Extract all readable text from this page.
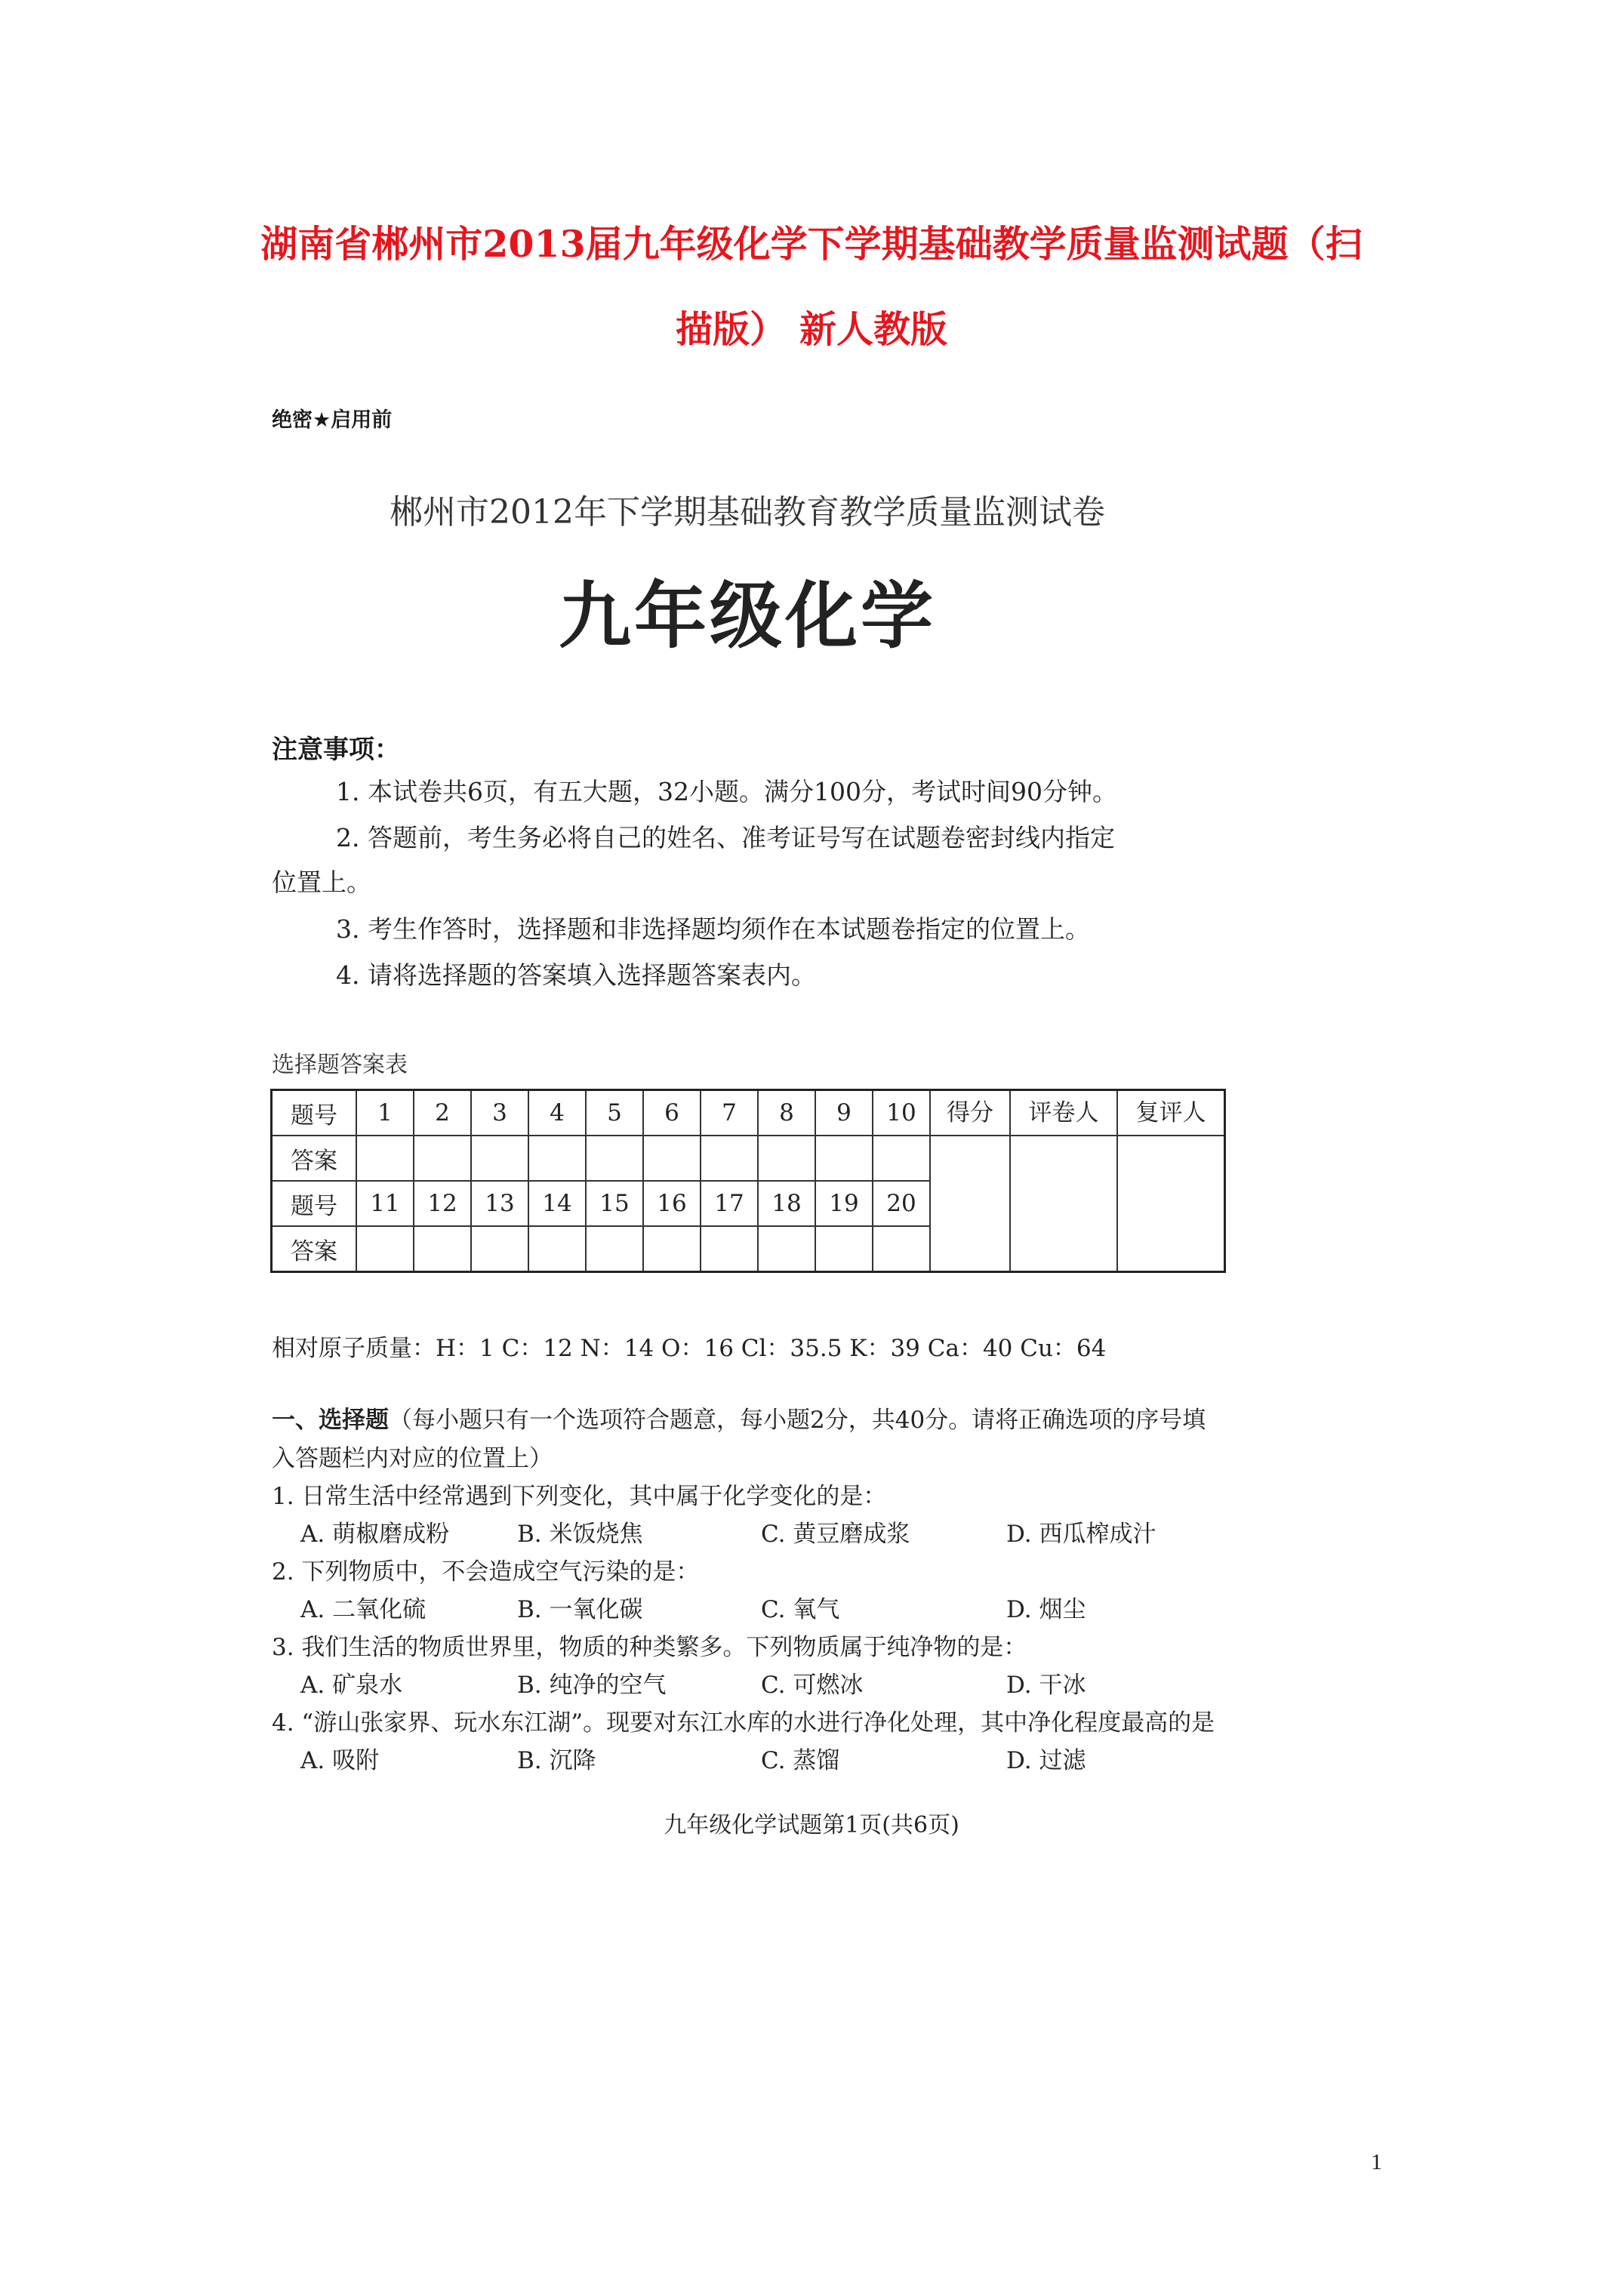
湖南省郴州市2013届九年级化学下学期基础教学质量监测试题（扫
描版） 新人教版
绝密★启用前
郴州市2012年下学期基础教育教学质量监测试卷
九年级化学
注意事项：
1. 本试卷共6页，有五大题，32小题。满分100分，考试时间90分钟。
2. 答题前，考生务必将自己的姓名、准考证号写在试题卷密封线内指定
位置上。
3. 考生作答时，选择题和非选择题均须作在本试题卷指定的位置上。
4. 请将选择题的答案填入选择题答案表内。
选择题答案表
题号	1	2	3	4	5	6	7	8	9	10	得分	评卷人	复评人

答案													
题号	11	12	13	14	15	16	17	18	19	20			
答案													
相对原子质量：H：1 C：12 N：14 O：16 Cl：35.5 K：39 Ca：40 Cu：64
一、选择题（每小题只有一个选项符合题意，每小题2分，共40分。请将正确选项的序号填
入答题栏内对应的位置上）
1. 日常生活中经常遇到下列变化，其中属于化学变化的是：
A. 萌椒磨成粉	B. 米饭烧焦	C. 黄豆磨成浆	D. 西瓜榨成汁
2. 下列物质中，不会造成空气污染的是：
A. 二氧化硫	B. 一氧化碳	C. 氧气	D. 烟尘
3. 我们生活的物质世界里，物质的种类繁多。下列物质属于纯净物的是：
A. 矿泉水	B. 纯净的空气	C. 可燃冰	D. 干冰
4. “游山张家界、玩水东江湖”。现要对东江水库的水进行净化处理，其中净化程度最高的是
A. 吸附	B. 沉降	C. 蒸馏	D. 过滤
九年级化学试题第1页(共6页)
1
